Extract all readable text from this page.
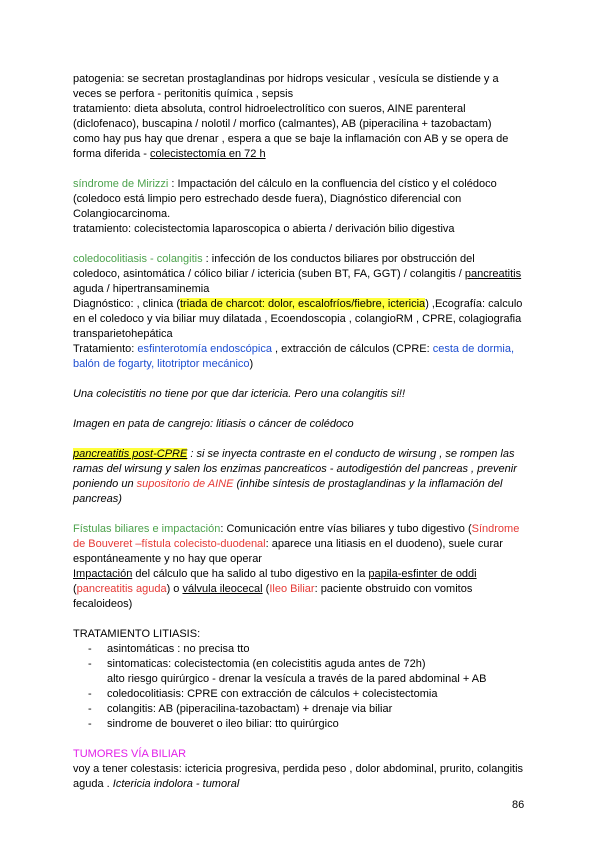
patogenia: se secretan prostaglandinas por hidrops vesicular , vesícula se distiende y a

veces se perfora - peritonitis química , sepsis

tratamiento: dieta absoluta, control hidroelectrolítico con sueros, AINE parenteral

(diclofenaco), buscapina / nolotil / morfico (calmantes), AB (piperacilina + tazobactam)

como hay pus hay que drenar , espera a que se baje la inflamación con AB y se opera de

forma diferida - colecistectomía en 72 h

síndrome de Mirizzi : Impactación del cálculo en la confluencia del cístico y el colédoco

(coledoco está limpio pero estrechado desde fuera), Diagnóstico diferencial con

Colangiocarcinoma.

tratamiento: colecistectomia laparoscopica o abierta / derivación bilio digestiva

coledocolitiasis - colangitis : infección de los conductos biliares por obstrucción del

coledoco, asintomática / cólico biliar / ictericia (suben BT, FA, GGT) / colangitis / pancreatitis

aguda / hipertransaminemia

Diagnóstico: , clinica (triada de charcot: dolor, escalofríos/fiebre, ictericia) ,Ecografía: calculo

en el coledoco y via biliar muy dilatada , Ecoendoscopia , colangioRM , CPRE, colagiografia

transparietohepática

Tratamiento: esfinterotomía endoscópica , extracción de cálculos (CPRE: cesta de dormia,

balón de fogarty, litotriptor mecánico)

Una colecistitis no tiene por que dar ictericia. Pero una colangitis si!!

Imagen en pata de cangrejo: litiasis o cáncer de colédoco

pancreatitis post-CPRE : si se inyecta contraste en el conducto de wirsung , se rompen las

ramas del wirsung y salen los enzimas pancreaticos - autodigestión del pancreas , prevenir

poniendo un supositorio de AINE (inhibe síntesis de prostaglandinas y la inflamación del

pancreas)

Fístulas biliares e impactación: Comunicación entre vías biliares y tubo digestivo (Síndrome

de Bouveret –fístula colecisto-duodenal: aparece una litiasis en el duodeno), suele curar

espontáneamente y no hay que operar

Impactación del cálculo que ha salido al tubo digestivo en la papila-esfinter de oddi

(pancreatitis aguda) o válvula ileocecal (Ileo Biliar: paciente obstruido con vomitos

fecaloideos)

TRATAMIENTO LITIASIS:

- asintomáticas : no precisa tto
- sintomaticas: colecistectomia (en colecistitis aguda antes de 72h)
alto riesgo quirúrgico - drenar la vesícula a través de la pared abdominal + AB
- coledocolitiasis: CPRE con extracción de cálculos + colecistectomia
- colangitis: AB (piperacilina-tazobactam) + drenaje via biliar
- sindrome de bouveret o ileo biliar: tto quirúrgico

TUMORES VÍA BILIAR

voy a tener colestasis: ictericia progresiva, perdida peso , dolor abdominal, prurito, colangitis

aguda . Ictericia indolora - tumoral

86
